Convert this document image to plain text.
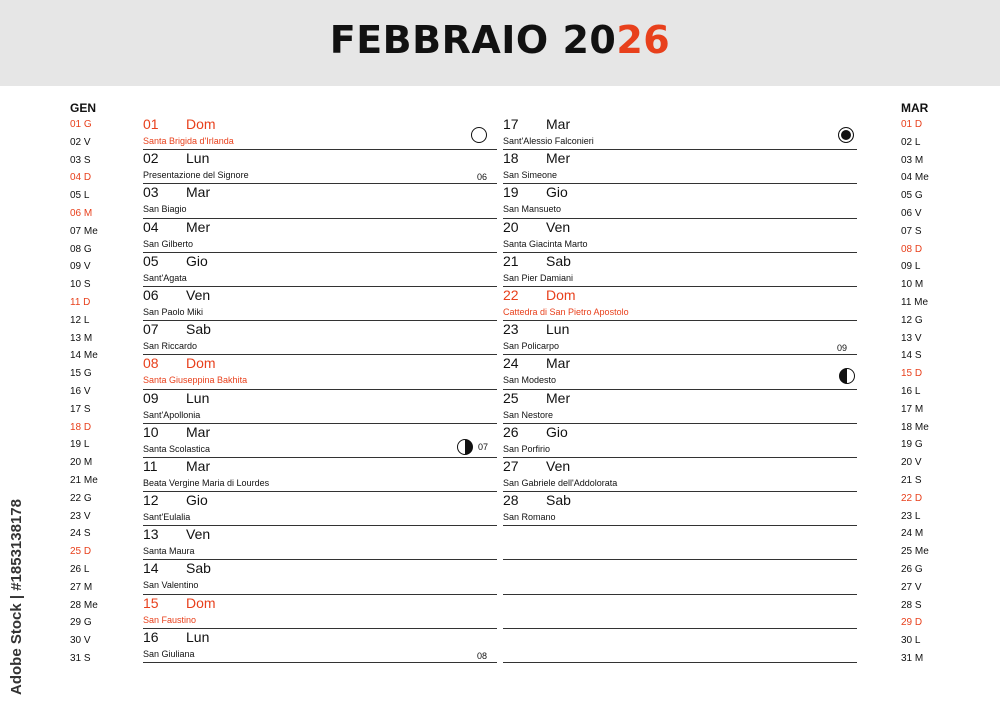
FEBBRAIO 2026
GEN
01 G
02 V
03 S
04 D
05 L
06 M
07 Me
08 G
09 V
10 S
11 D
12 L
13 M
14 Me
15 G
16 V
17 S
18 D
19 L
20 M
21 Me
22 G
23 V
24 S
25 D
26 L
27 M
28 Me
29 G
30 V
31 S
01 Dom
Santa Brigida d'Irlanda
02 Lun
Presentazione del Signore	06
03 Mar
San Biagio
04 Mer
San Gilberto
05 Gio
Sant'Agata
06 Ven
San Paolo Miki
07 Sab
San Riccardo
08 Dom
Santa Giuseppina Bakhita
09 Lun
Sant'Apollonia
10 Mar
Santa Scolastica	07
11 Mar
Beata Vergine Maria di Lourdes
12 Gio
Sant'Eulalia
13 Ven
Santa Maura
14 Sab
San Valentino
15 Dom
San Faustino
16 Lun
San Giuliana	08
17 Mar
Sant'Alessio Falconieri
18 Mer
San Simeone
19 Gio
San Mansueto
20 Ven
Santa Giacinta Marto
21 Sab
San Pier Damiani
22 Dom
Cattedra di San Pietro Apostolo
23 Lun
San Policarpo	09
24 Mar
San Modesto
25 Mer
San Nestore
26 Gio
San Porfirio
27 Ven
San Gabriele dell'Addolorata
28 Sab
San Romano
MAR
01 D
02 L
03 M
04 Me
05 G
06 V
07 S
08 D
09 L
10 M
11 Me
12 G
13 V
14 S
15 D
16 L
17 M
18 Me
19 G
20 V
21 S
22 D
23 L
24 M
25 Me
26 G
27 V
28 S
29 D
30 L
31 M
Adobe Stock | #1853138178
